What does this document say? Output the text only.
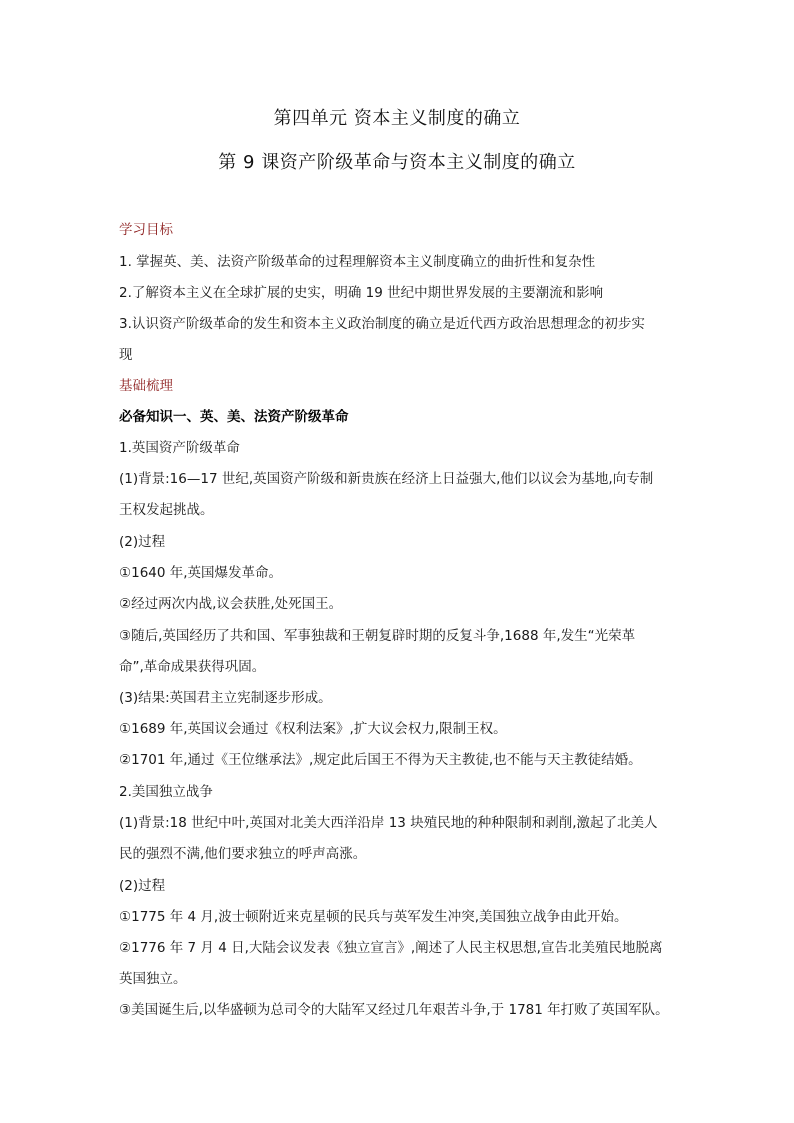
第四单元 资本主义制度的确立
第 9 课资产阶级革命与资本主义制度的确立
学习目标
1. 掌握英、美、法资产阶级革命的过程理解资本主义制度确立的曲折性和复杂性
2.了解资本主义在全球扩展的史实，明确 19 世纪中期世界发展的主要潮流和影响
3.认识资产阶级革命的发生和资本主义政治制度的确立是近代西方政治思想理念的初步实
现
基础梳理
必备知识一、英、美、法资产阶级革命
1.英国资产阶级革命
(1)背景:16—17 世纪,英国资产阶级和新贵族在经济上日益强大,他们以议会为基地,向专制
王权发起挑战。
(2)过程
①1640 年,英国爆发革命。
②经过两次内战,议会获胜,处死国王。
③随后,英国经历了共和国、军事独裁和王朝复辟时期的反复斗争,1688 年,发生“光荣革
命”,革命成果获得巩固。
(3)结果:英国君主立宪制逐步形成。
①1689 年,英国议会通过《权利法案》,扩大议会权力,限制王权。
②1701 年,通过《王位继承法》,规定此后国王不得为天主教徒,也不能与天主教徒结婚。
2.美国独立战争
(1)背景:18 世纪中叶,英国对北美大西洋沿岸 13 块殖民地的种种限制和剥削,激起了北美人
民的强烈不满,他们要求独立的呼声高涨。
(2)过程
①1775 年 4 月,波士顿附近来克星顿的民兵与英军发生冲突,美国独立战争由此开始。
②1776 年 7 月 4 日,大陆会议发表《独立宣言》,阐述了人民主权思想,宣告北美殖民地脱离
英国独立。
③美国诞生后,以华盛顿为总司令的大陆军又经过几年艰苦斗争,于 1781 年打败了英国军队。
